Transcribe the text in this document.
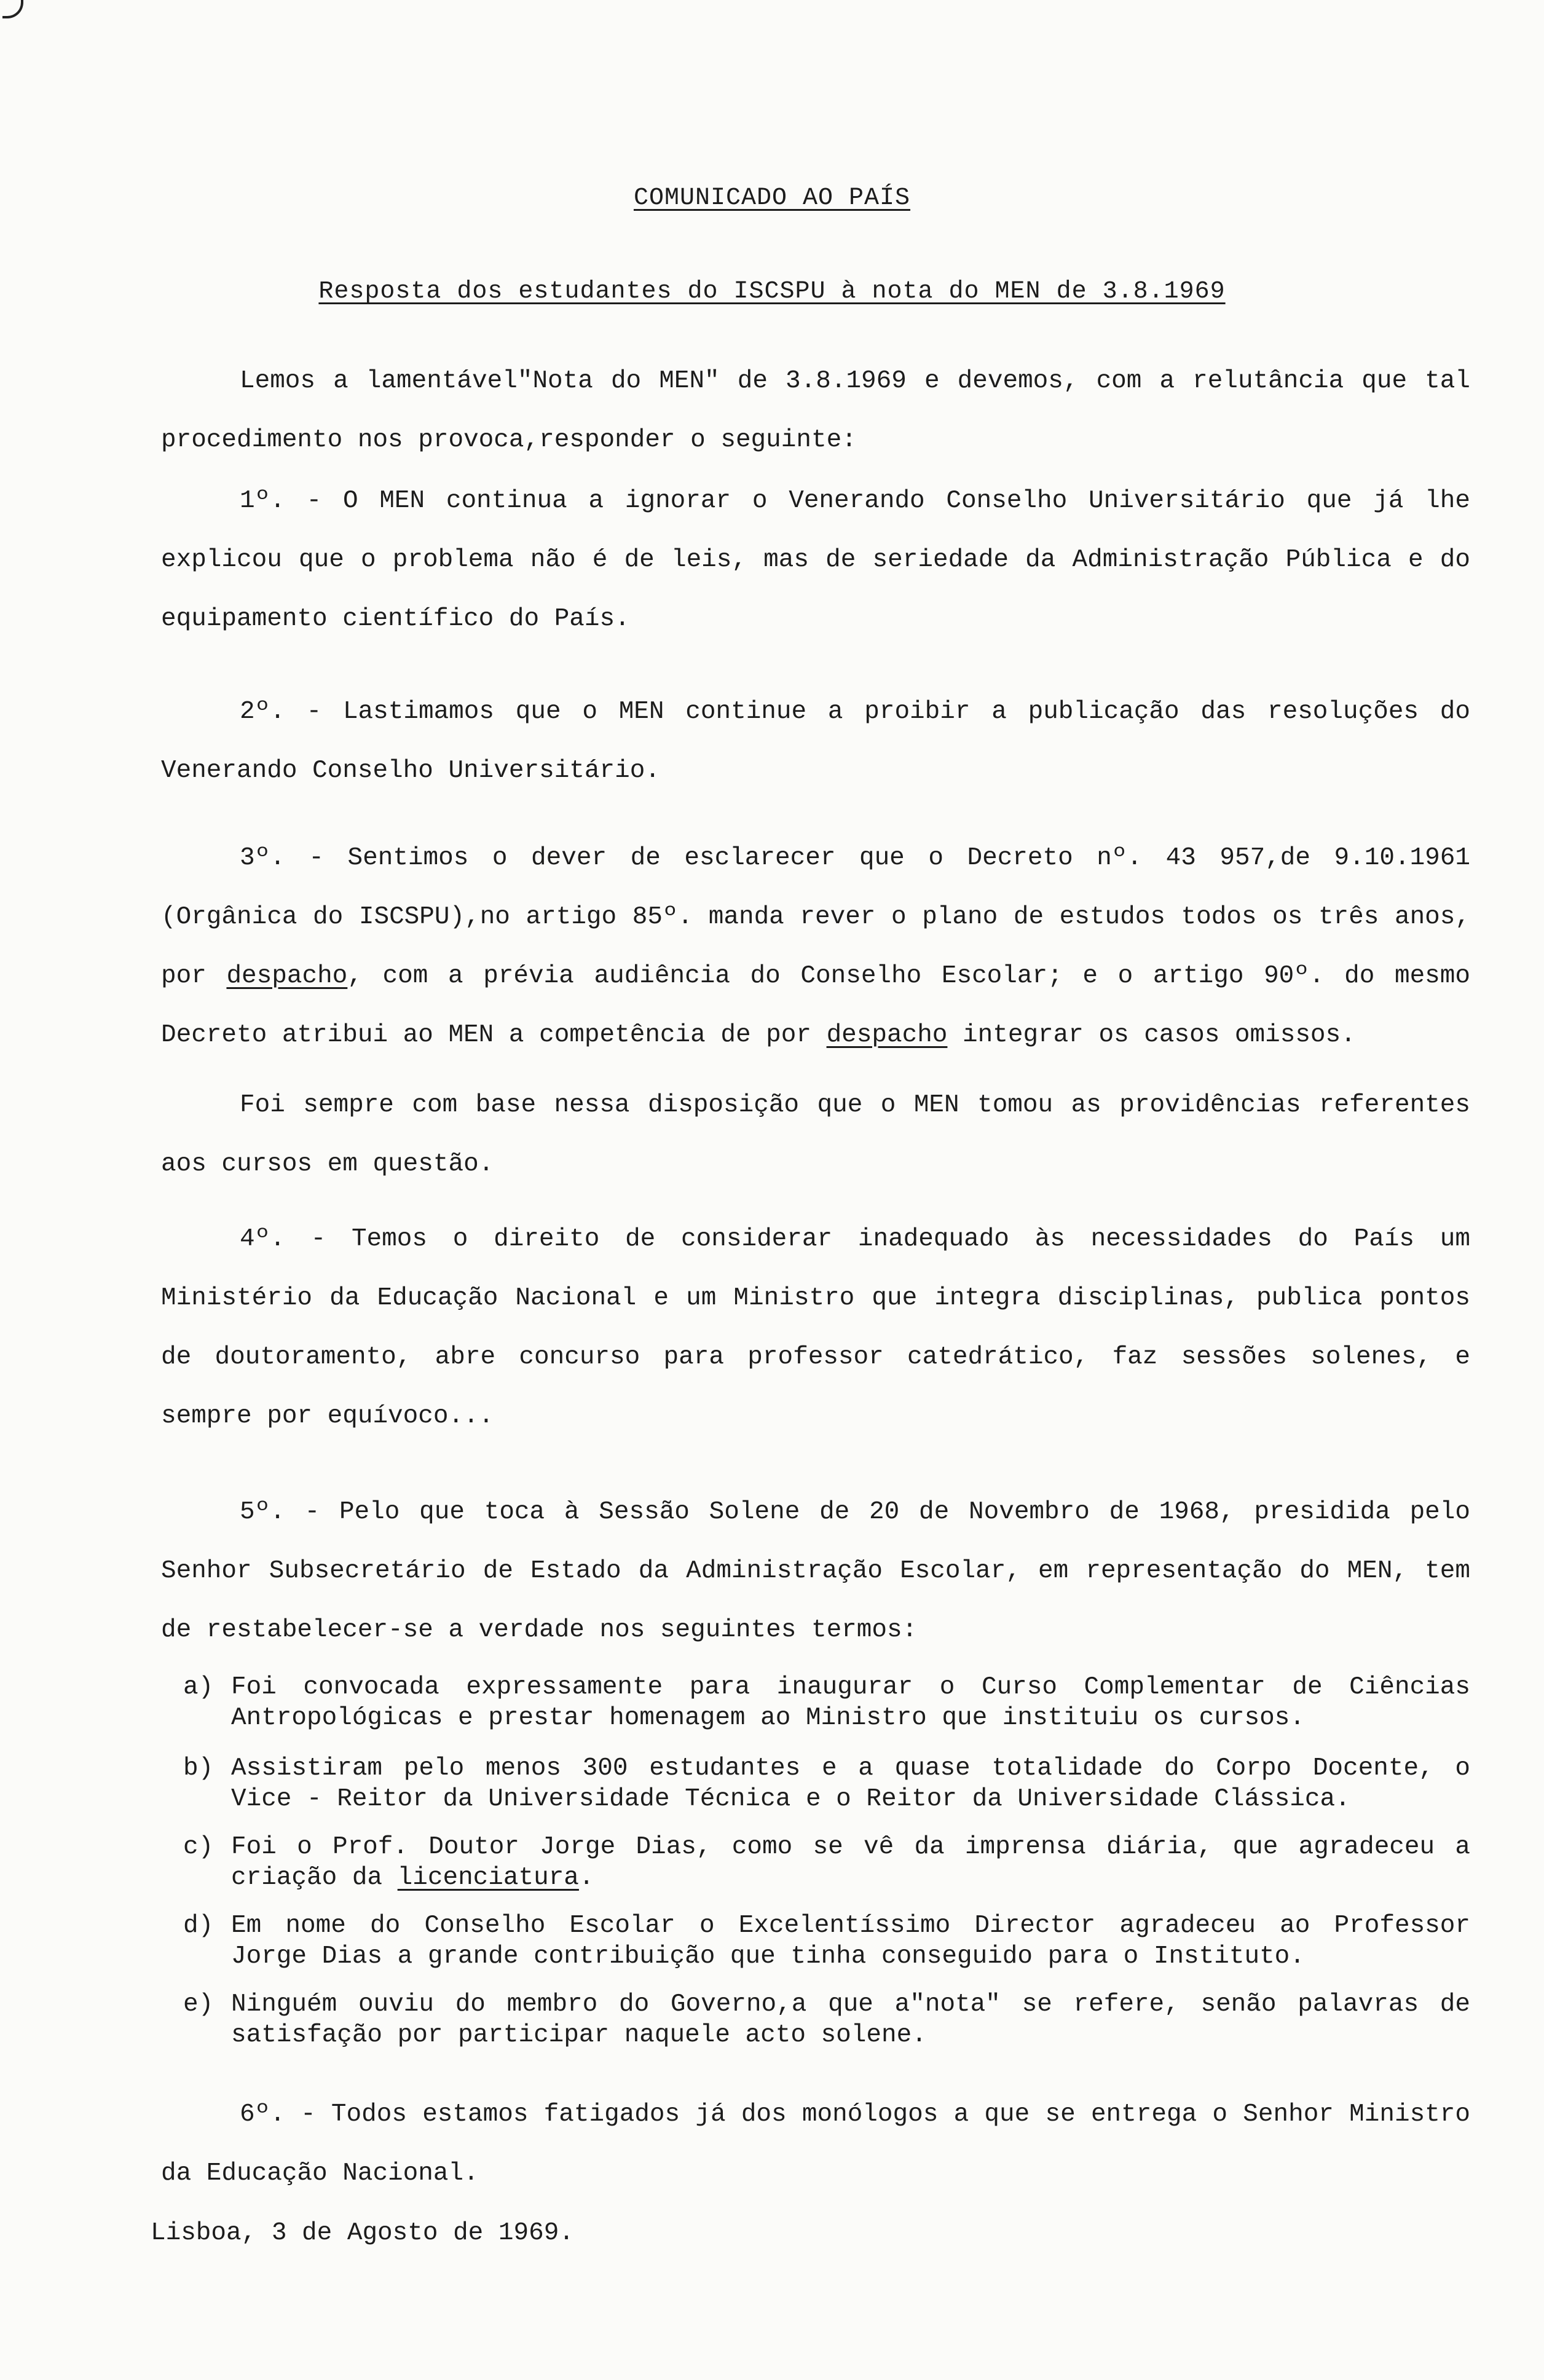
COMUNICADO AO PAÍS
Resposta dos estudantes do ISCSPU à nota do MEN de 3.8.1969

Lemos a lamentável"Nota do MEN" de 3.8.1969 e devemos, com a relutância que tal procedimento nos provoca,responder o seguinte:

1º. - O MEN continua a ignorar o Venerando Conselho Universitário que já lhe explicou que o problema não é de leis, mas de seriedade da Administração Pública e do equipamento científico do País.

2º. - Lastimamos que o MEN continue a proibir a publicação das resoluções do Venerando Conselho Universitário.

3º. - Sentimos o dever de esclarecer que o Decreto nº. 43 957,de 9.10.1961 (Orgânica do ISCSPU),no artigo 85º. manda rever o plano de estudos todos os três anos, por despacho, com a prévia audiência do Conselho Escolar; e o artigo 90º. do mesmo Decreto atribui ao MEN a competência de por despacho integrar os casos omissos.

Foi sempre com base nessa disposição que o MEN tomou as providências referentes aos cursos em questão.

4º. - Temos o direito de considerar inadequado às necessidades do País um Ministério da Educação Nacional e um Ministro que integra disciplinas, publica pontos de doutoramento, abre concurso para professor catedrático, faz sessões solenes, e sempre por equívoco...

5º. - Pelo que toca à Sessão Solene de 20 de Novembro de 1968, presidida pelo Senhor Subsecretário de Estado da Administração Escolar, em representação do MEN, tem de restabelecer-se a verdade nos seguintes termos:

a) Foi convocada expressamente para inaugurar o Curso Complementar de Ciências Antropológicas e prestar homenagem ao Ministro que instituiu os cursos.
b) Assistiram pelo menos 300 estudantes e a quase totalidade do Corpo Docente, o Vice - Reitor da Universidade Técnica e o Reitor da Universidade Clássica.
c) Foi o Prof. Doutor Jorge Dias, como se vê da imprensa diária, que agradeceu a criação da licenciatura.
d) Em nome do Conselho Escolar o Excelentíssimo Director agradeceu ao Professor Jorge Dias a grande contribuição que tinha conseguido para o Instituto.
e) Ninguém ouviu do membro do Governo,a que a"nota" se refere, senão palavras de satisfação por participar naquele acto solene.

6º. - Todos estamos fatigados já dos monólogos a que se entrega o Senhor Ministro da Educação Nacional.

Lisboa, 3 de Agosto de 1969.
